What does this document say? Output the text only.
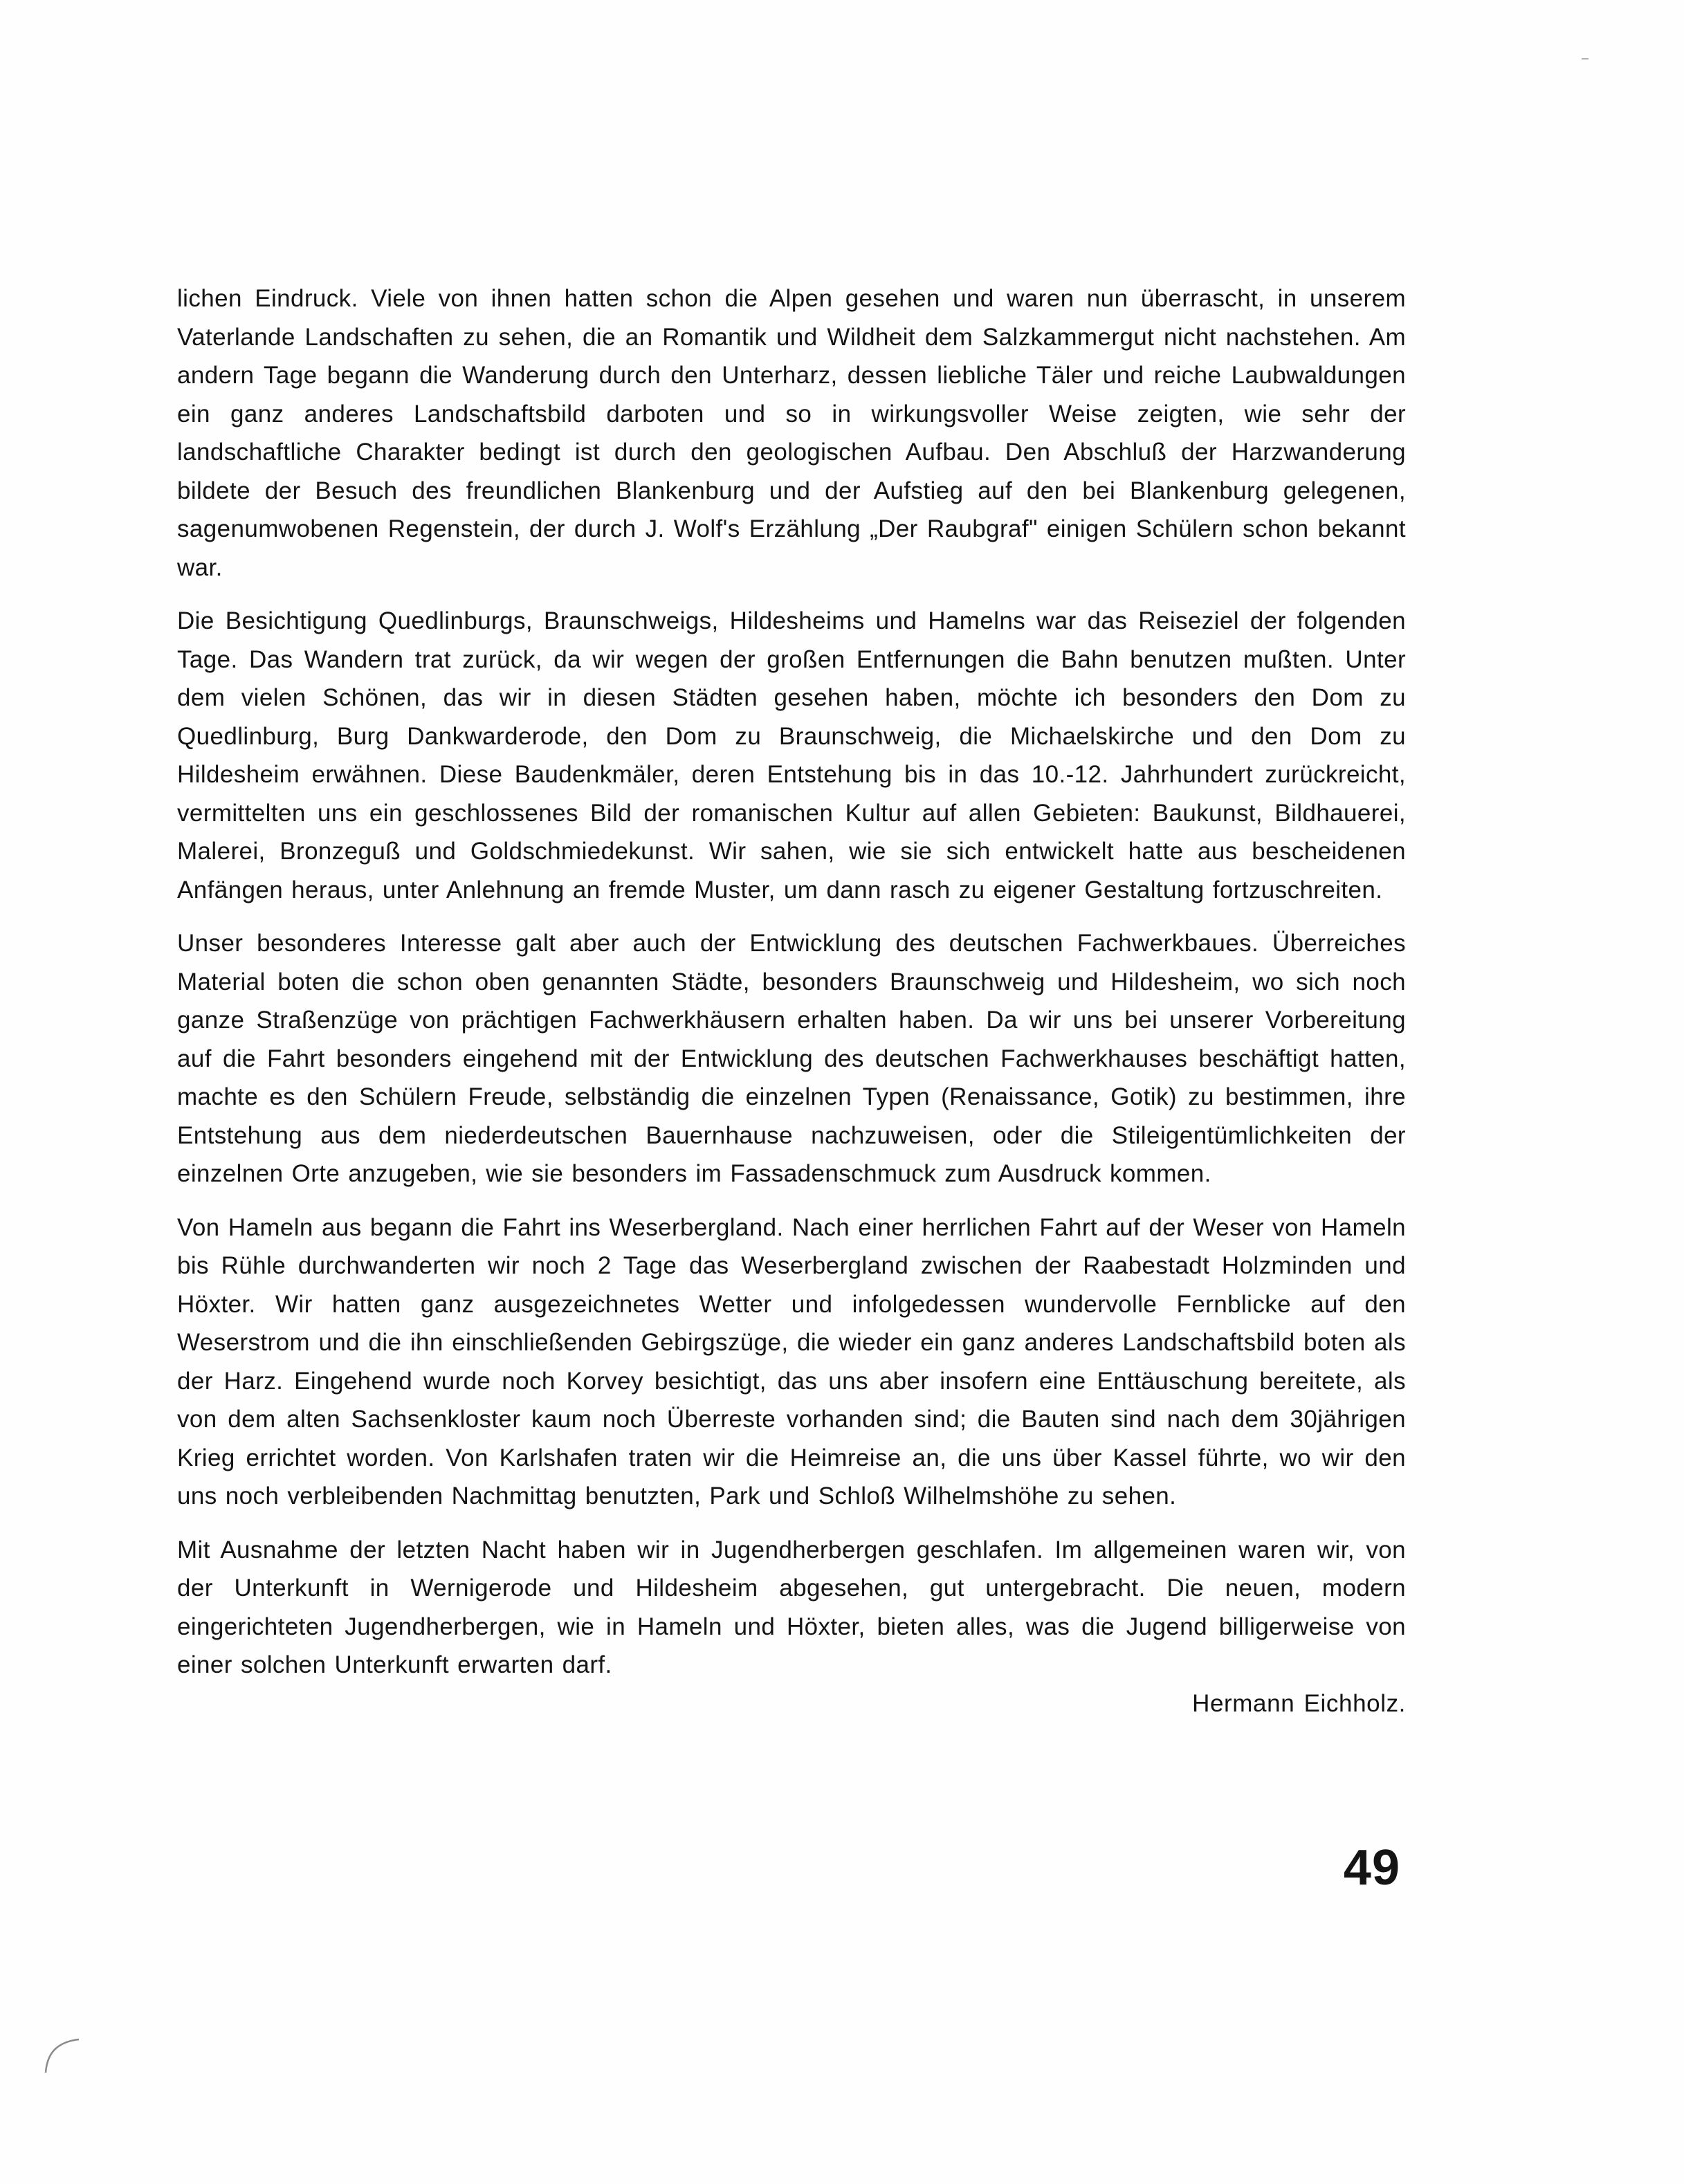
lichen Eindruck. Viele von ihnen hatten schon die Alpen gesehen und waren nun überrascht, in unserem Vaterlande Landschaften zu sehen, die an Romantik und Wildheit dem Salzkammergut nicht nachstehen. Am andern Tage begann die Wanderung durch den Unterharz, dessen liebliche Täler und reiche Laubwaldungen ein ganz anderes Landschaftsbild darboten und so in wirkungsvoller Weise zeigten, wie sehr der landschaftliche Charakter bedingt ist durch den geologischen Aufbau. Den Abschluß der Harzwanderung bildete der Besuch des freundlichen Blankenburg und der Aufstieg auf den bei Blankenburg gelegenen, sagenumwobenen Regenstein, der durch J. Wolf's Erzählung „Der Raubgraf" einigen Schülern schon bekannt war.

Die Besichtigung Quedlinburgs, Braunschweigs, Hildesheims und Hamelns war das Reiseziel der folgenden Tage. Das Wandern trat zurück, da wir wegen der großen Entfernungen die Bahn benutzen mußten. Unter dem vielen Schönen, das wir in diesen Städten gesehen haben, möchte ich besonders den Dom zu Quedlinburg, Burg Dankwarderode, den Dom zu Braunschweig, die Michaelskirche und den Dom zu Hildesheim erwähnen. Diese Baudenkmäler, deren Entstehung bis in das 10.-12. Jahrhundert zurückreicht, vermittelten uns ein geschlossenes Bild der romanischen Kultur auf allen Gebieten: Baukunst, Bildhauerei, Malerei, Bronzeguß und Goldschmiedekunst. Wir sahen, wie sie sich entwickelt hatte aus bescheidenen Anfängen heraus, unter Anlehnung an fremde Muster, um dann rasch zu eigener Gestaltung fortzuschreiten.

Unser besonderes Interesse galt aber auch der Entwicklung des deutschen Fachwerkbaues. Überreiches Material boten die schon oben genannten Städte, besonders Braunschweig und Hildesheim, wo sich noch ganze Straßenzüge von prächtigen Fachwerkhäusern erhalten haben. Da wir uns bei unserer Vorbereitung auf die Fahrt besonders eingehend mit der Entwicklung des deutschen Fachwerkhauses beschäftigt hatten, machte es den Schülern Freude, selbständig die einzelnen Typen (Renaissance, Gotik) zu bestimmen, ihre Entstehung aus dem niederdeutschen Bauernhause nachzuweisen, oder die Stileigentümlichkeiten der einzelnen Orte anzugeben, wie sie besonders im Fassadenschmuck zum Ausdruck kommen.

Von Hameln aus begann die Fahrt ins Weserbergland. Nach einer herrlichen Fahrt auf der Weser von Hameln bis Rühle durchwanderten wir noch 2 Tage das Weserbergland zwischen der Raabestadt Holzminden und Höxter. Wir hatten ganz ausgezeichnetes Wetter und infolgedessen wundervolle Fernblicke auf den Weserstrom und die ihn einschließenden Gebirgszüge, die wieder ein ganz anderes Landschaftsbild boten als der Harz. Eingehend wurde noch Korvey besichtigt, das uns aber insofern eine Enttäuschung bereitete, als von dem alten Sachsenkloster kaum noch Überreste vorhanden sind; die Bauten sind nach dem 30jährigen Krieg errichtet worden. Von Karlshafen traten wir die Heimreise an, die uns über Kassel führte, wo wir den uns noch verbleibenden Nachmittag benutzten, Park und Schloß Wilhelmshöhe zu sehen.

Mit Ausnahme der letzten Nacht haben wir in Jugendherbergen geschlafen. Im allgemeinen waren wir, von der Unterkunft in Wernigerode und Hildesheim abgesehen, gut untergebracht. Die neuen, modern eingerichteten Jugendherbergen, wie in Hameln und Höxter, bieten alles, was die Jugend billigerweise von einer solchen Unterkunft erwarten darf.

Hermann Eichholz.

49
